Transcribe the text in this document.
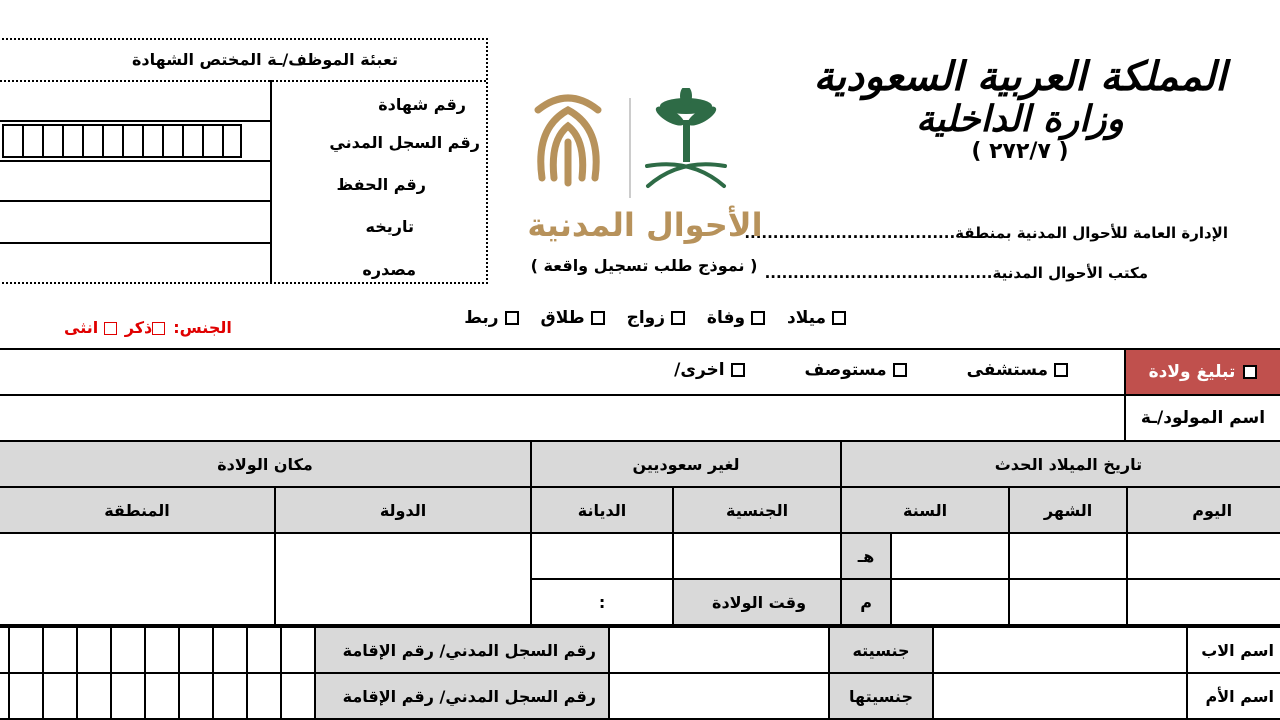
المملكة العربية السعودية
وزارة الداخلية
( ٢٧٢/٧ )
الإدارة العامة للأحوال المدنية بمنطقة.....................................
مكتب الأحوال المدنية........................................
الأحوال المدنية
( نموذج طلب تسجيل واقعة )
تعبئة الموظف/ـة المختص الشهادة
رقم شهادة
رقم السجل المدني
رقم الحفظ
تاريخه
مصدره
ميلاد
وفاة
زواج
طلاق
ربط
الجنس:
ذكر
انثى
تبليغ ولادة
مستشفى
مستوصف
اخرى/
اسم المولود/ـة
تاريخ الميلاد الحدث				لغير سعوديين		مكان الولادة	
اليوم	الشهر	السنة		الجنسية	الديانة	الدولة	المنطقة
			هـ				
			م	وقت الولادة	:		
اسم الاب		جنسيته		رقم السجل المدني/ رقم الإقامة	

اسم الأم		جنسيتها		رقم السجل المدني/ رقم الإقامة	
